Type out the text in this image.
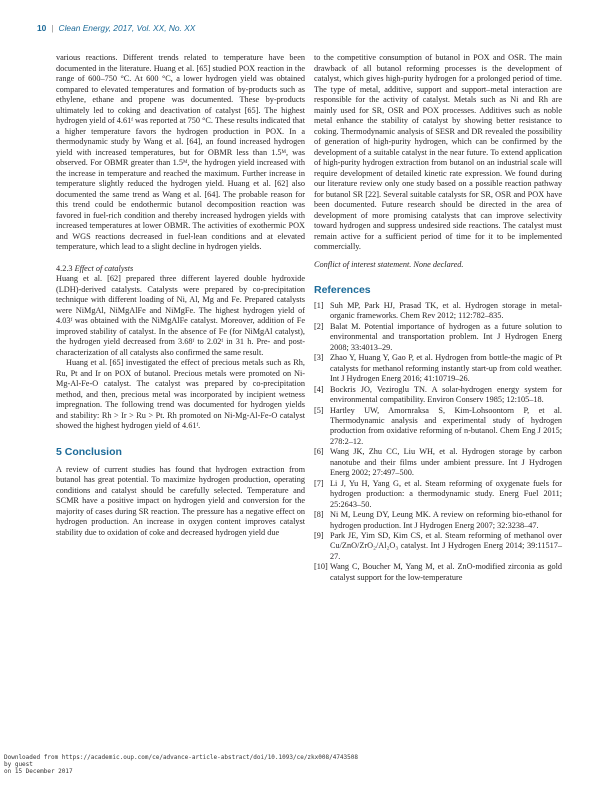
10 | Clean Energy, 2017, Vol. XX, No. XX

various reactions. Different trends related to temperature have been documented in the literature. Huang et al. [65] studied POX reaction in the range of 600–750 °C. At 600 °C, a lower hydrogen yield was obtained compared to elevated temperatures and formation of by-products such as ethylene, ethane and propene was documented. These by-products ultimately led to coking and deactivation of catalyst [65]. The highest hydrogen yield of 4.61ᶠ was reported at 750 °C. These results indicated that a higher temperature favors the hydrogen production in POX. In a thermodynamic study by Wang et al. [64], an found increased hydrogen yield with increased temperatures, but for OBMR less than 1.5ᴹ, was observed. For OBMR greater than 1.5ᴹ, the hydrogen yield increased with the increase in temperature and reached the maximum. Further increase in temperature slightly reduced the hydrogen yield. Huang et al. [62] also documented the same trend as Wang et al. [64]. The probable reason for this trend could be endothermic butanol decomposition reaction was favored in fuel-rich condition and thereby increased hydrogen yields with increased temperatures at lower OBMR. The activities of exothermic POX and WGS reactions decreased in fuel-lean conditions and at elevated temperature, which lead to a slight decline in hydrogen yields.

4.2.3 Effect of catalysts

Huang et al. [62] prepared three different layered double hydroxide (LDH)-derived catalysts. Catalysts were prepared by co-precipitation technique with different loading of Ni, Al, Mg and Fe. Prepared catalysts were NiMgAl, NiMgAlFe and NiMgFe. The highest hydrogen yield of 4.03ᶠ was obtained with the NiMgAlFe catalyst. Moreover, addition of Fe improved stability of catalyst. In the absence of Fe (for NiMgAl catalyst), the hydrogen yield decreased from 3.68ᶠ to 2.02ᶠ in 31 h. Pre- and post-characterization of all catalysts also confirmed the same result.

Huang et al. [65] investigated the effect of precious metals such as Rh, Ru, Pt and Ir on POX of butanol. Precious metals were promoted on Ni-Mg-Al-Fe-O catalyst. The catalyst was prepared by co-precipitation method, and then, precious metal was incorporated by incipient wetness impregnation. The following trend was documented for hydrogen yields and stability: Rh > Ir > Ru > Pt. Rh promoted on Ni-Mg-Al-Fe-O catalyst showed the highest hydrogen yield of 4.61ᶠ.

5 Conclusion

A review of current studies has found that hydrogen extraction from butanol has great potential. To maximize hydrogen production, operating conditions and catalyst should be carefully selected. Temperature and SCMR have a positive impact on hydrogen yield and conversion for the majority of cases during SR reaction. The pressure has a negative effect on hydrogen production. An increase in oxygen content improves catalyst stability due to oxidation of coke and decreased hydrogen yield due

to the competitive consumption of butanol in POX and OSR. The main drawback of all butanol reforming processes is the development of catalyst, which gives high-purity hydrogen for a prolonged period of time. The type of metal, additive, support and support–metal interaction are responsible for the activity of catalyst. Metals such as Ni and Rh are mainly used for SR, OSR and POX processes. Additives such as noble metal enhance the stability of catalyst by showing better resistance to coking. Thermodynamic analysis of SESR and DR revealed the possibility of generation of high-purity hydrogen, which can be confirmed by the development of a suitable catalyst in the near future. To extend application of high-purity hydrogen extraction from butanol on an industrial scale will require development of detailed kinetic rate expression. We found during our literature review only one study based on a possible reaction pathway for butanol SR [22]. Several suitable catalysts for SR, OSR and POX have been documented. Future research should be directed in the area of development of more promising catalysts that can improve selectivity toward hydrogen and suppress undesired side reactions. The catalyst must remain active for a sufficient period of time for it to be implemented commercially.

Conflict of interest statement. None declared.

References
[1] Suh MP, Park HJ, Prasad TK, et al. Hydrogen storage in metal-organic frameworks. Chem Rev 2012; 112:782–835.
[2] Balat M. Potential importance of hydrogen as a future solution to environmental and transportation problem. Int J Hydrogen Energ 2008; 33:4013–29.
[3] Zhao Y, Huang Y, Gao P, et al. Hydrogen from bottle-the magic of Pt catalysts for methanol reforming instantly start-up from cold weather. Int J Hydrogen Energ 2016; 41:10719–26.
[4] Bockris JO, Veziroglu TN. A solar-hydrogen energy system for environmental compatibility. Environ Conserv 1985; 12:105–18.
[5] Hartley UW, Amornraksa S, Kim-Lohsoontorn P, et al. Thermodynamic analysis and experimental study of hydrogen production from oxidative reforming of n-butanol. Chem Eng J 2015; 278:2–12.
[6] Wang JK, Zhu CC, Liu WH, et al. Hydrogen storage by carbon nanotube and their films under ambient pressure. Int J Hydrogen Energ 2002; 27:497–500.
[7] Li J, Yu H, Yang G, et al. Steam reforming of oxygenate fuels for hydrogen production: a thermodynamic study. Energ Fuel 2011; 25:2643–50.
[8] Ni M, Leung DY, Leung MK. A review on reforming bio-ethanol for hydrogen production. Int J Hydrogen Energ 2007; 32:3238–47.
[9] Park JE, Yim SD, Kim CS, et al. Steam reforming of methanol over Cu/ZnO/ZrO₂/Al₂O₃ catalyst. Int J Hydrogen Energ 2014; 39:11517–27.
[10] Wang C, Boucher M, Yang M, et al. ZnO-modified zirconia as gold catalyst support for the low-temperature
Downloaded from https://academic.oup.com/ce/advance-article-abstract/doi/10.1093/ce/zkx008/4743508
by guest
on 15 December 2017
